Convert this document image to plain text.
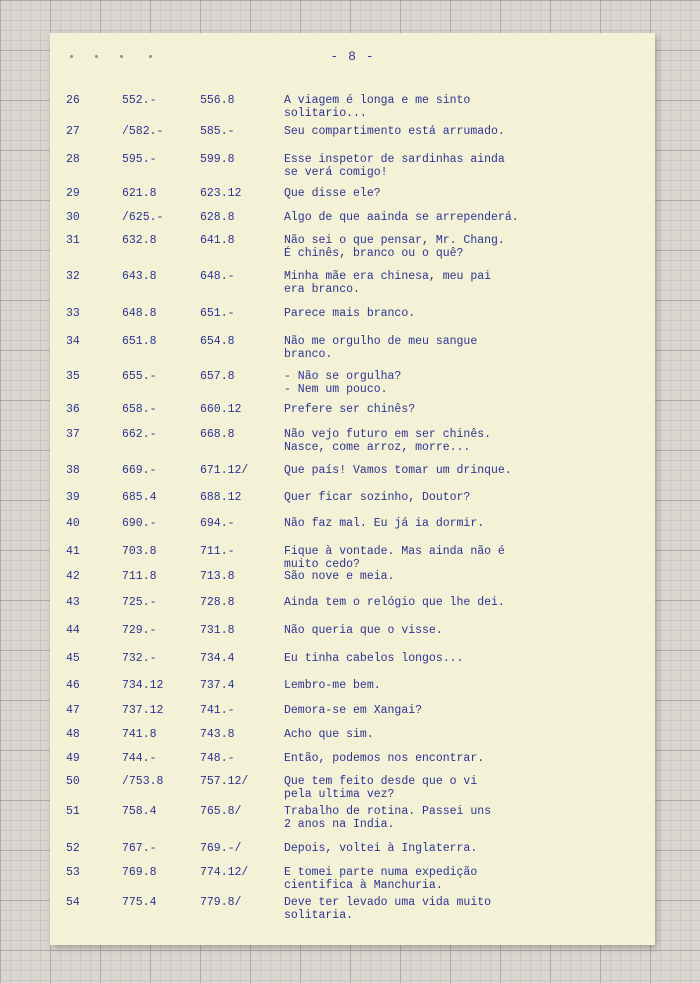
- 8 -
26	552.-	556.8	A viagem é longa e me sinto
solitario...
27	/582.-	585.-	Seu compartimento está arrumado.
28	595.-	599.8	Esse inspetor de sardinhas ainda
se verá comigo!
29	621.8	623.12	Que disse ele?
30	/625.-	628.8	Algo de que aainda se arrependerá.
31	632.8	641.8	Não sei o que pensar, Mr. Chang.
É chinês, branco ou o quê?
32	643.8	648.-	Minha mãe era chinesa, meu pai
era branco.
33	648.8	651.-	Parece mais branco.
34	651.8	654.8	Não me orgulho de meu sangue
branco.
35	655.-	657.8	- Não se orgulha?
- Nem um pouco.
36	658.-	660.12	Prefere ser chinês?
37	662.-	668.8	Não vejo futuro em ser chinês.
Nasce, come arroz, morre...
38	669.-	671.12/	Que país! Vamos tomar um drinque.
39	685.4	688.12	Quer ficar sozinho, Doutor?
40	690.-	694.-	Não faz mal. Eu já ia dormir.
41	703.8	711.-	Fique à vontade. Mas ainda não é
muito cedo?
42	711.8	713.8	São nove e meia.
43	725.-	728.8	Ainda tem o relógio que lhe dei.
44	729.-	731.8	Não queria que o visse.
45	732.-	734.4	Eu tinha cabelos longos...
46	734.12	737.4	Lembro-me bem.
47	737.12	741.-	Demora-se em Xangai?
48	741.8	743.8	Acho que sim.
49	744.-	748.-	Então, podemos nos encontrar.
50	/753.8	757.12/	Que tem feito desde que o vi
pela ultima vez?
51	758.4	765.8/	Trabalho de rotina. Passei uns
2 anos na India.
52	767.-	769.-/	Depois, voltei à Inglaterra.
53	769.8	774.12/	E tomei parte numa expedição
cientifica à Manchuria.
54	775.4	779.8/	Deve ter levado uma vida muito
solitaria.
